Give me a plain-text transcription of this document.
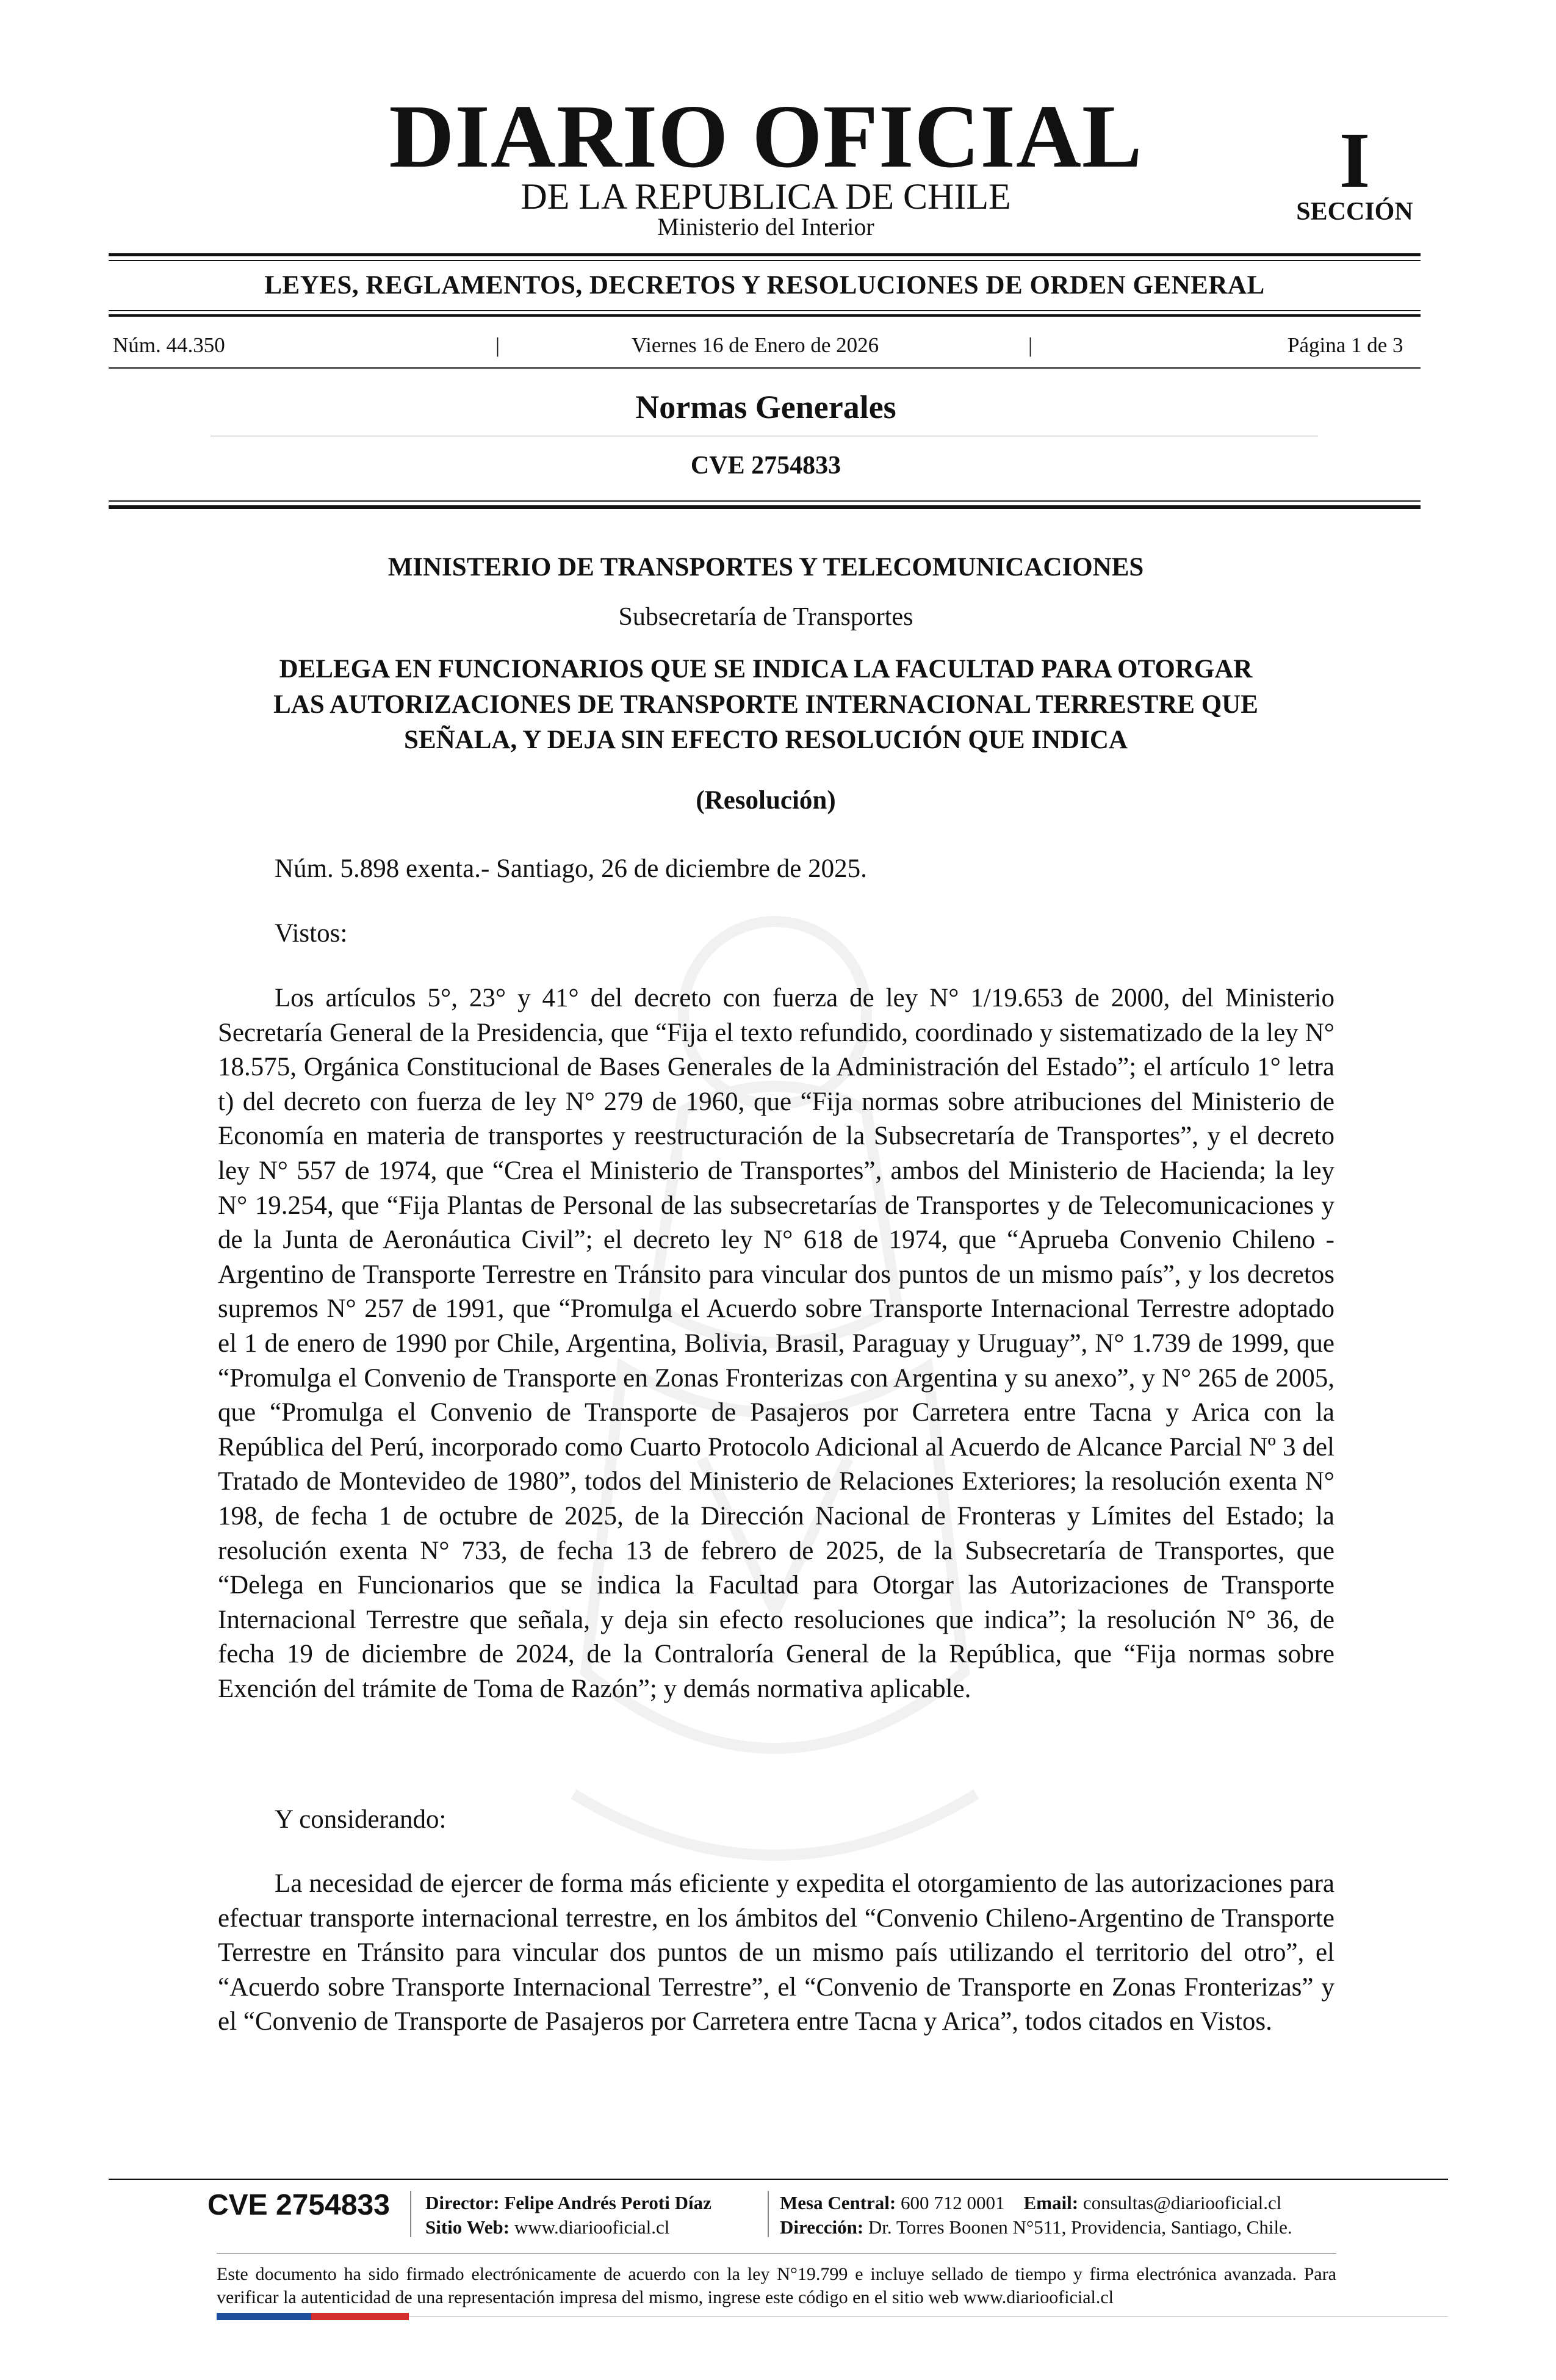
DIARIO OFICIAL
DE LA REPUBLICA DE CHILE
Ministerio del Interior
I
SECCIÓN
LEYES, REGLAMENTOS, DECRETOS Y RESOLUCIONES DE ORDEN GENERAL
Núm. 44.350	|	Viernes 16 de Enero de 2026	|	Página 1 de 3
Normas Generales
CVE 2754833
MINISTERIO DE TRANSPORTES Y TELECOMUNICACIONES
Subsecretaría de Transportes
DELEGA EN FUNCIONARIOS QUE SE INDICA LA FACULTAD PARA OTORGAR
LAS AUTORIZACIONES DE TRANSPORTE INTERNACIONAL TERRESTRE QUE
SEÑALA, Y DEJA SIN EFECTO RESOLUCIÓN QUE INDICA
(Resolución)
Núm. 5.898 exenta.- Santiago, 26 de diciembre de 2025.
Vistos:
Los artículos 5°, 23° y 41° del decreto con fuerza de ley N° 1/19.653 de 2000, del Ministerio Secretaría General de la Presidencia, que “Fija el texto refundido, coordinado y sistematizado de la ley N° 18.575, Orgánica Constitucional de Bases Generales de la Administración del Estado”; el artículo 1° letra t) del decreto con fuerza de ley N° 279 de 1960, que “Fija normas sobre atribuciones del Ministerio de Economía en materia de transportes y reestructuración de la Subsecretaría de Transportes”, y el decreto ley N° 557 de 1974, que “Crea el Ministerio de Transportes”, ambos del Ministerio de Hacienda; la ley N° 19.254, que “Fija Plantas de Personal de las subsecretarías de Transportes y de Telecomunicaciones y de la Junta de Aeronáutica Civil”; el decreto ley N° 618 de 1974, que “Aprueba Convenio Chileno - Argentino de Transporte Terrestre en Tránsito para vincular dos puntos de un mismo país”, y los decretos supremos N° 257 de 1991, que “Promulga el Acuerdo sobre Transporte Internacional Terrestre adoptado el 1 de enero de 1990 por Chile, Argentina, Bolivia, Brasil, Paraguay y Uruguay”, N° 1.739 de 1999, que “Promulga el Convenio de Transporte en Zonas Fronterizas con Argentina y su anexo”, y N° 265 de 2005, que “Promulga el Convenio de Transporte de Pasajeros por Carretera entre Tacna y Arica con la República del Perú, incorporado como Cuarto Protocolo Adicional al Acuerdo de Alcance Parcial Nº 3 del Tratado de Montevideo de 1980”, todos del Ministerio de Relaciones Exteriores; la resolución exenta N° 198, de fecha 1 de octubre de 2025, de la Dirección Nacional de Fronteras y Límites del Estado; la resolución exenta N° 733, de fecha 13 de febrero de 2025, de la Subsecretaría de Transportes, que “Delega en Funcionarios que se indica la Facultad para Otorgar las Autorizaciones de Transporte Internacional Terrestre que señala, y deja sin efecto resoluciones que indica”; la resolución N° 36, de fecha 19 de diciembre de 2024, de la Contraloría General de la República, que “Fija normas sobre Exención del trámite de Toma de Razón”; y demás normativa aplicable.
Y considerando:
La necesidad de ejercer de forma más eficiente y expedita el otorgamiento de las autorizaciones para efectuar transporte internacional terrestre, en los ámbitos del “Convenio Chileno-Argentino de Transporte Terrestre en Tránsito para vincular dos puntos de un mismo país utilizando el territorio del otro”, el “Acuerdo sobre Transporte Internacional Terrestre”, el “Convenio de Transporte en Zonas Fronterizas” y el “Convenio de Transporte de Pasajeros por Carretera entre Tacna y Arica”, todos citados en Vistos.
CVE 2754833 Director: Felipe Andrés Peroti Díaz
Sitio Web: www.diariooficial.cl
Mesa Central: 600 712 0001 Email: consultas@diariooficial.cl
Dirección: Dr. Torres Boonen N°511, Providencia, Santiago, Chile.
Este documento ha sido firmado electrónicamente de acuerdo con la ley N°19.799 e incluye sellado de tiempo y firma electrónica avanzada. Para verificar la autenticidad de una representación impresa del mismo, ingrese este código en el sitio web www.diariooficial.cl
